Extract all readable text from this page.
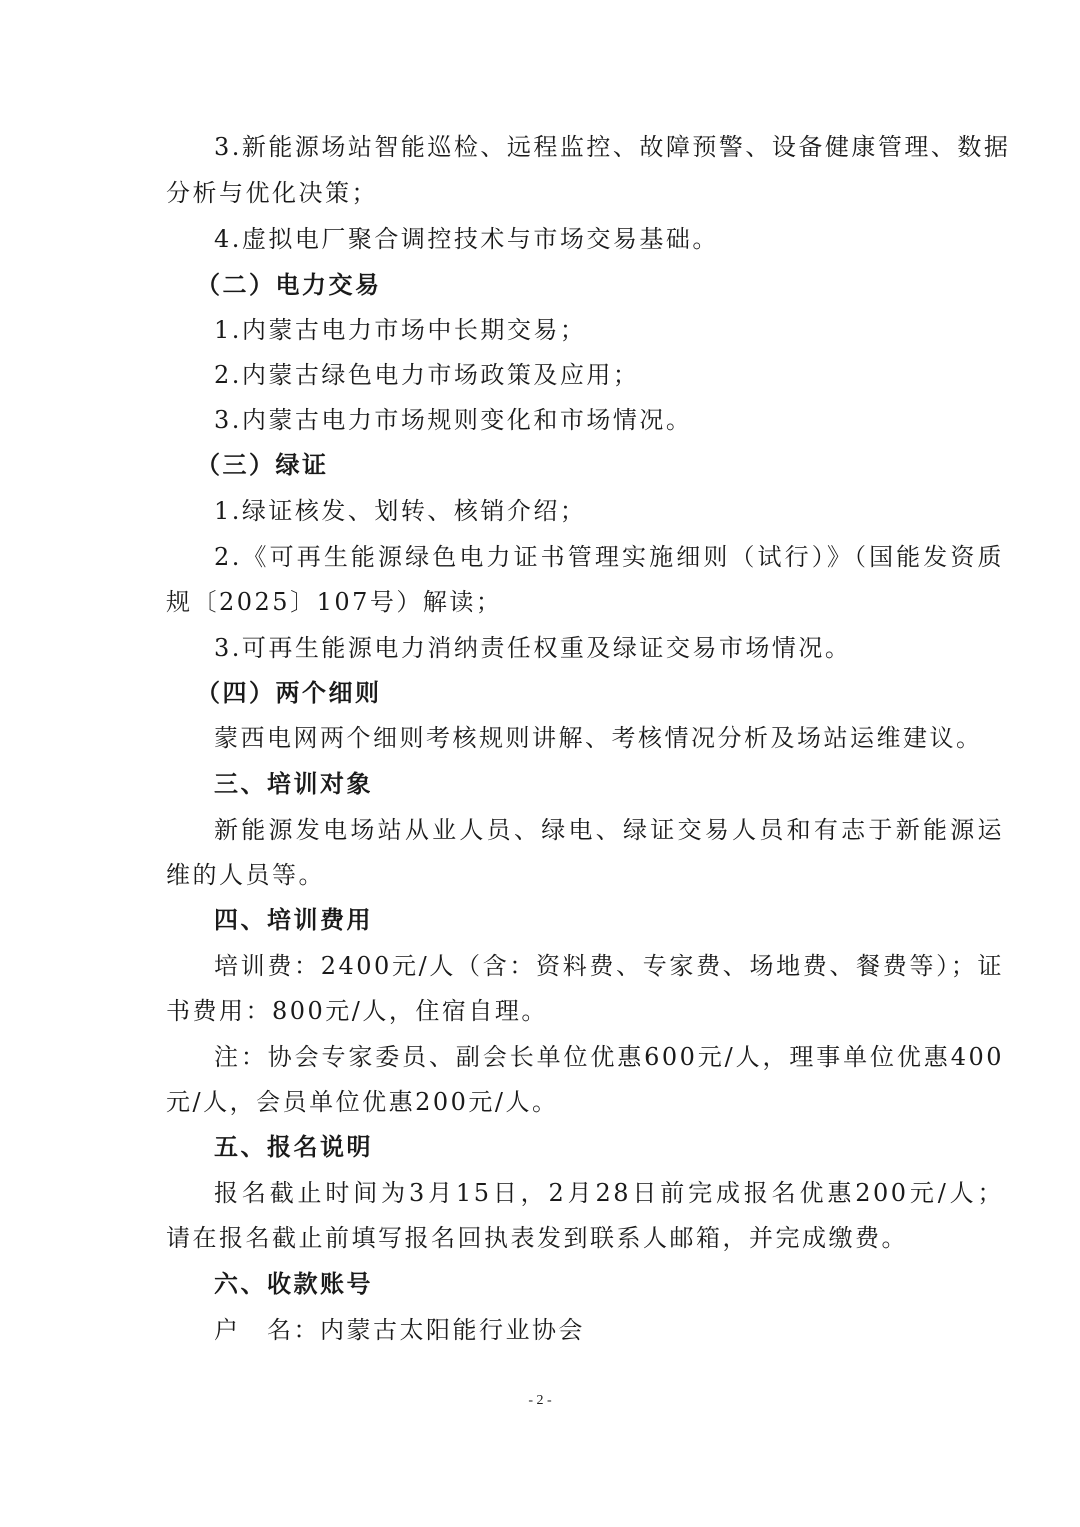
3.新能源场站智能巡检、远程监控、故障预警、设备健康管理、数据
分析与优化决策；
4.虚拟电厂聚合调控技术与市场交易基础。
（二）电力交易
1.内蒙古电力市场中长期交易；
2.内蒙古绿色电力市场政策及应用；
3.内蒙古电力市场规则变化和市场情况。
（三）绿证
1.绿证核发、划转、核销介绍；
2.《可再生能源绿色电力证书管理实施细则（试行）》（国能发资质
规〔2025〕107号）解读；
3.可再生能源电力消纳责任权重及绿证交易市场情况。
（四）两个细则
蒙西电网两个细则考核规则讲解、考核情况分析及场站运维建议。
三、培训对象
新能源发电场站从业人员、绿电、绿证交易人员和有志于新能源运
维的人员等。
四、培训费用
培训费：2400元/人（含：资料费、专家费、场地费、餐费等）；证
书费用：800元/人，住宿自理。
注：协会专家委员、副会长单位优惠600元/人，理事单位优惠400
元/人，会员单位优惠200元/人。
五、报名说明
报名截止时间为3月15日，2月28日前完成报名优惠200元/人；
请在报名截止前填写报名回执表发到联系人邮箱，并完成缴费。
六、收款账号
户　名：内蒙古太阳能行业协会
- 2 -
